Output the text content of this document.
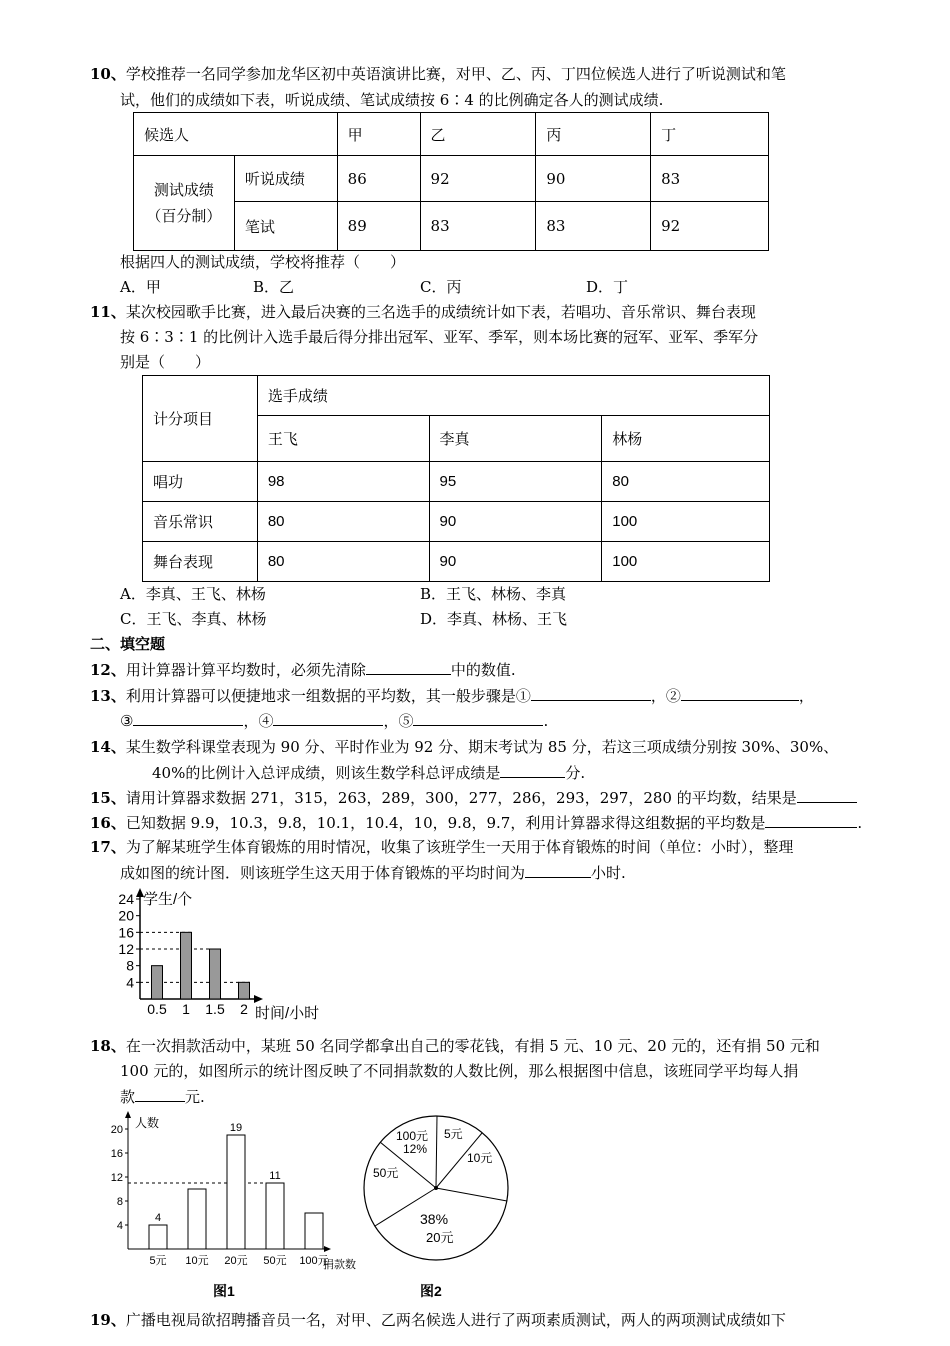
10、学校推荐一名同学参加龙华区初中英语演讲比赛，对甲、乙、丙、丁四位候选人进行了听说测试和笔
试，他们的成绩如下表，听说成绩、笔试成绩按 6∶4 的比例确定各人的测试成绩.
候选人		甲	乙	丙	丁

测试成绩
（百分制）	听说成绩	86	92	90	83
	笔试	89	83	83	92
根据四人的测试成绩，学校将推荐（　　）
A．甲	B．乙	C．丙	D．丁
11、某次校园歌手比赛，进入最后决赛的三名选手的成绩统计如下表，若唱功、音乐常识、舞台表现
按 6∶3∶1 的比例计入选手最后得分排出冠军、亚军、季军，则本场比赛的冠军、亚军、季军分
别是（　　）
计分项目	选手成绩		
	王飞	李真	林杨
唱功	98	95	80
音乐常识	80	90	100
舞台表现	80	90	100
A．李真、王飞、林杨	B．王飞、林杨、李真
C．王飞、李真、林杨	D．李真、林杨、王飞
二、填空题
12、用计算器计算平均数时，必须先清除	中的数值.
13、利用计算器可以便捷地求一组数据的平均数，其一般步骤是①	，②	，
③	，④	，⑤	.
14、某生数学科课堂表现为 90 分、平时作业为 92 分、期末考试为 85 分，若这三项成绩分别按 30%、30%、
40%的比例计入总评成绩，则该生数学科总评成绩是	分.
15、请用计算器求数据 271，315，263，289，300，277，286，293，297，280 的平均数，结果是
16、已知数据 9.9，10.3，9.8，10.1，10.4，10，9.8，9.7，利用计算器求得这组数据的平均数是	.
17、为了解某班学生体育锻炼的用时情况，收集了该班学生一天用于体育锻炼的时间（单位：小时），整理
成如图的统计图．则该班学生这天用于体育锻炼的平均时间为	小时.
学生/个
时间/小时
4
8
12
16
20
24
0.5 1 1.5 2
18、在一次捐款活动中，某班 50 名同学都拿出自己的零花钱，有捐 5 元、10 元、20 元的，还有捐 50 元和
100 元的，如图所示的统计图反映了不同捐款数的人数比例，那么根据图中信息，该班同学平均每人捐
款	元.
人数
捐款数
图1
4
8
12
16
20
4
19
11
5元 10元 20元 50元 100元
100元
12%
5元
10元
38%
20元
50元
图2
19、广播电视局欲招聘播音员一名，对甲、乙两名候选人进行了两项素质测试，两人的两项测试成绩如下
